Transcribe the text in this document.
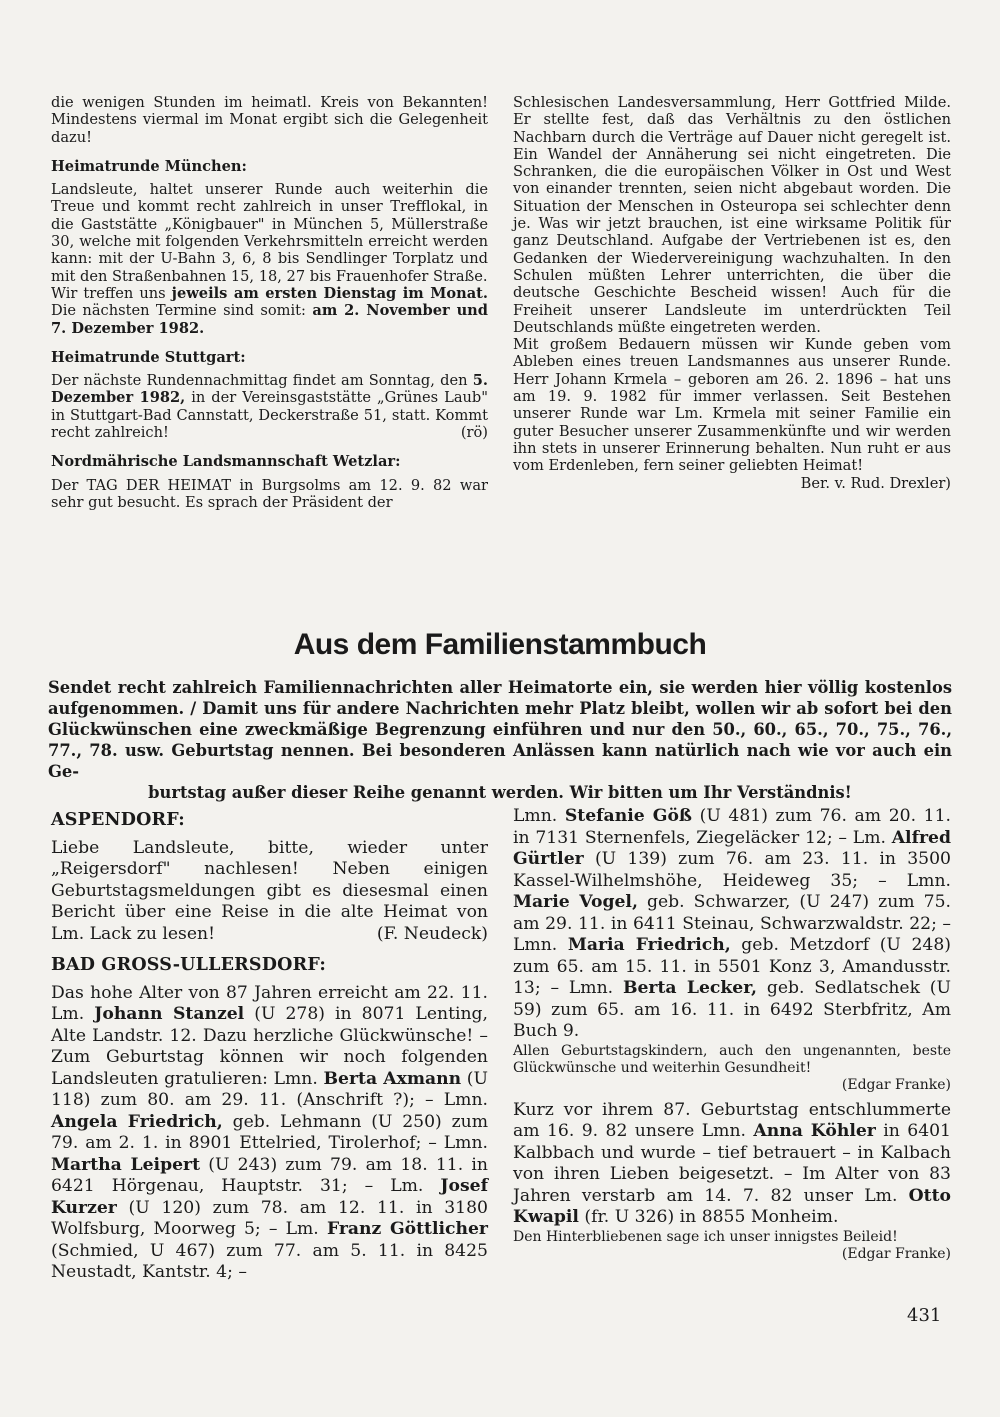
die wenigen Stunden im heimatl. Kreis von Bekannten! Mindestens viermal im Monat ergibt sich die Gelegenheit dazu!

Heimatrunde München:

Landsleute, haltet unserer Runde auch weiterhin die Treue und kommt recht zahlreich in unser Trefflokal, in die Gaststätte „Königbauer" in München 5, Müllerstraße 30, welche mit folgenden Verkehrsmitteln erreicht werden kann: mit der U-Bahn 3, 6, 8 bis Sendlinger Torplatz und mit den Straßenbahnen 15, 18, 27 bis Frauenhofer Straße.

Wir treffen uns jeweils am ersten Dienstag im Monat. Die nächsten Termine sind somit: am 2. November und 7. Dezember 1982.

Heimatrunde Stuttgart:

Der nächste Rundennachmittag findet am Sonntag, den 5. Dezember 1982, in der Vereinsgaststätte „Grünes Laub" in Stuttgart-Bad Cannstatt, Deckerstraße 51, statt. Kommt recht zahlreich!	(rö)

Nordmährische Landsmannschaft Wetzlar:

Der TAG DER HEIMAT in Burgsolms am 12. 9. 82 war sehr gut besucht. Es sprach der Präsident der

Schlesischen Landesversammlung, Herr Gottfried Milde. Er stellte fest, daß das Verhältnis zu den östlichen Nachbarn durch die Verträge auf Dauer nicht geregelt ist. Ein Wandel der Annäherung sei nicht eingetreten. Die Schranken, die die europäischen Völker in Ost und West von einander trennten, seien nicht abgebaut worden. Die Situation der Menschen in Osteuropa sei schlechter denn je. Was wir jetzt brauchen, ist eine wirksame Politik für ganz Deutschland. Aufgabe der Vertriebenen ist es, den Gedanken der Wiedervereinigung wachzuhalten. In den Schulen müßten Lehrer unterrichten, die über die deutsche Geschichte Bescheid wissen! Auch für die Freiheit unserer Landsleute im unterdrückten Teil Deutschlands müßte eingetreten werden.

Mit großem Bedauern müssen wir Kunde geben vom Ableben eines treuen Landsmannes aus unserer Runde. Herr Johann Krmela – geboren am 26. 2. 1896 – hat uns am 19. 9. 1982 für immer verlassen. Seit Bestehen unserer Runde war Lm. Krmela mit seiner Familie ein guter Besucher unserer Zusammenkünfte und wir werden ihn stets in unserer Erinnerung behalten. Nun ruht er aus vom Erdenleben, fern seiner geliebten Heimat!

Ber. v. Rud. Drexler)
Aus dem Familienstammbuch
Sendet recht zahlreich Familiennachrichten aller Heimatorte ein, sie werden hier völlig kostenlos aufgenommen. / Damit uns für andere Nachrichten mehr Platz bleibt, wollen wir ab sofort bei den Glückwünschen eine zweckmäßige Begrenzung einführen und nur den 50., 60., 65., 70., 75., 76., 77., 78. usw. Geburtstag nennen. Bei besonderen Anlässen kann natürlich nach wie vor auch ein Ge-
burtstag außer dieser Reihe genannt werden. Wir bitten um Ihr Verständnis!
ASPENDORF:

Liebe Landsleute, bitte, wieder unter „Reigersdorf" nachlesen! Neben einigen Geburtstagsmeldungen gibt es diesesmal einen Bericht über eine Reise in die alte Heimat von Lm. Lack zu lesen!	(F. Neudeck)

BAD GROSS-ULLERSDORF:

Das hohe Alter von 87 Jahren erreicht am 22. 11. Lm. Johann Stanzel (U 278) in 8071 Lenting, Alte Landstr. 12. Dazu herzliche Glückwünsche! – Zum Geburtstag können wir noch folgenden Landsleuten gratulieren: Lmn. Berta Axmann (U 118) zum 80. am 29. 11. (Anschrift ?); – Lmn. Angela Friedrich, geb. Lehmann (U 250) zum 79. am 2. 1. in 8901 Ettelried, Tirolerhof; – Lmn. Martha Leipert (U 243) zum 79. am 18. 11. in 6421 Hörgenau, Hauptstr. 31; – Lm. Josef Kurzer (U 120) zum 78. am 12. 11. in 3180 Wolfsburg, Moorweg 5; – Lm. Franz Göttlicher (Schmied, U 467) zum 77. am 5. 11. in 8425 Neustadt, Kantstr. 4; –

Lmn. Stefanie Göß (U 481) zum 76. am 20. 11. in 7131 Sternenfels, Ziegeläcker 12; – Lm. Alfred Gürtler (U 139) zum 76. am 23. 11. in 3500 Kassel-Wilhelmshöhe, Heideweg 35; – Lmn. Marie Vogel, geb. Schwarzer, (U 247) zum 75. am 29. 11. in 6411 Steinau, Schwarzwaldstr. 22; – Lmn. Maria Friedrich, geb. Metzdorf (U 248) zum 65. am 15. 11. in 5501 Konz 3, Amandusstr. 13; – Lmn. Berta Lecker, geb. Sedlatschek (U 59) zum 65. am 16. 11. in 6492 Sterbfritz, Am Buch 9.

Allen Geburtstagskindern, auch den ungenannten, beste Glückwünsche und weiterhin Gesundheit!

(Edgar Franke)

Kurz vor ihrem 87. Geburtstag entschlummerte am 16. 9. 82 unsere Lmn. Anna Köhler in 6401 Kalbbach und wurde – tief betrauert – in Kalbach von ihren Lieben beigesetzt. – Im Alter von 83 Jahren verstarb am 14. 7. 82 unser Lm. Otto Kwapil (fr. U 326) in 8855 Monheim.

Den Hinterbliebenen sage ich unser innigstes Beileid!
(Edgar Franke)

431
